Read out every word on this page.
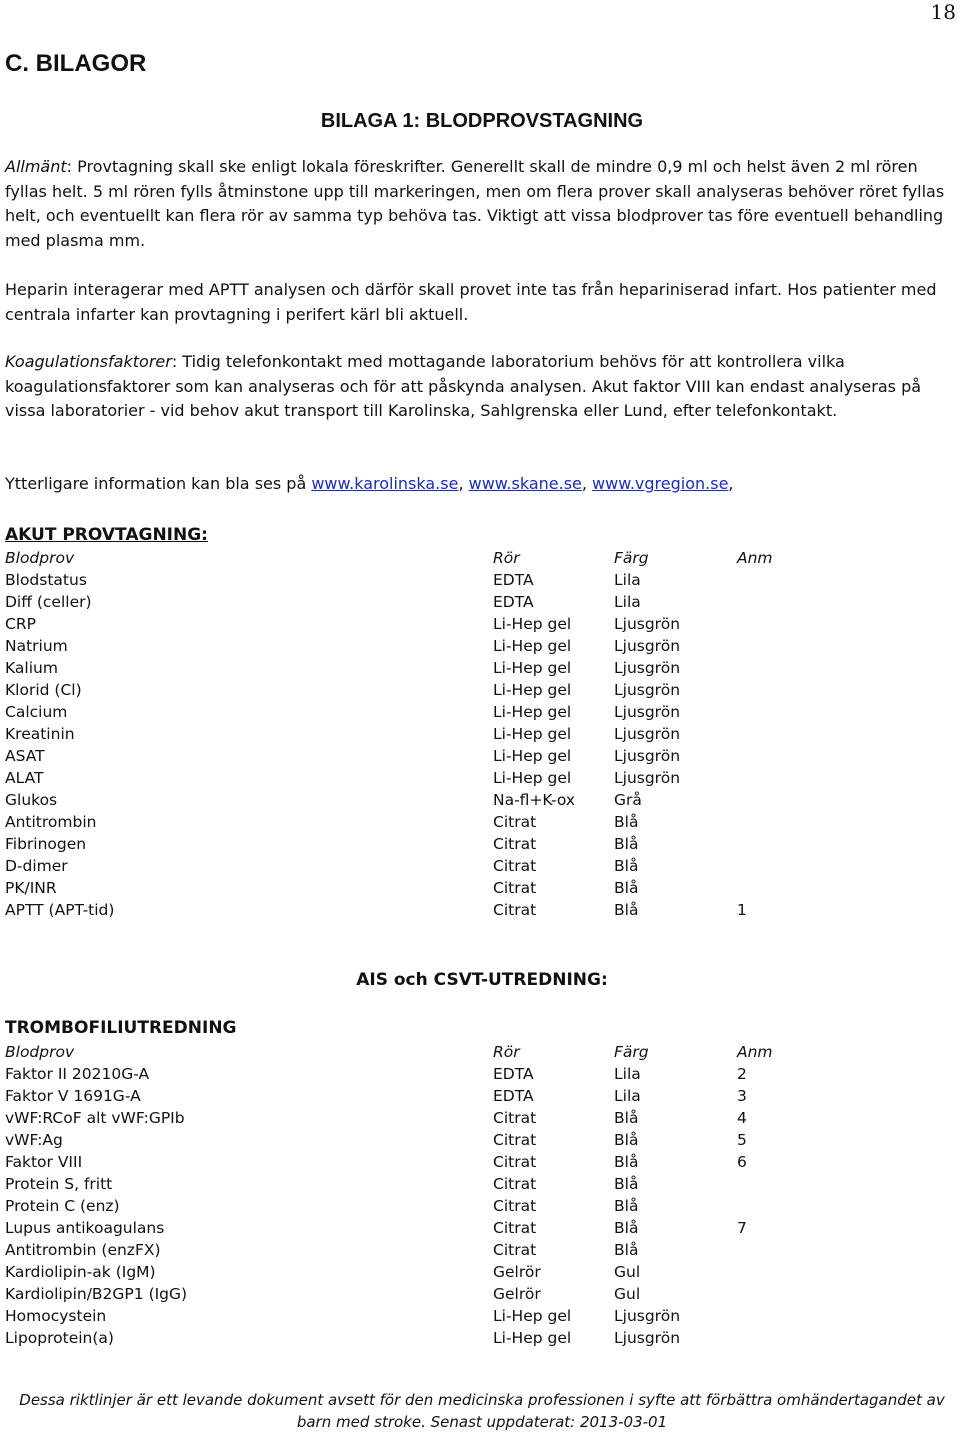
18
C. BILAGOR
BILAGA 1: BLODPROVSTAGNING
Allmänt: Provtagning skall ske enligt lokala föreskrifter. Generellt skall de mindre 0,9 ml och helst även 2 ml rören fyllas helt. 5 ml rören fylls åtminstone upp till markeringen, men om flera prover skall analyseras behöver röret fyllas helt, och eventuellt kan flera rör av samma typ behöva tas. Viktigt att vissa blodprover tas före eventuell behandling med plasma mm.
Heparin interagerar med APTT analysen och därför skall provet inte tas från hepariniserad infart. Hos patienter med centrala infarter kan provtagning i perifert kärl bli aktuell.
Koagulationsfaktorer: Tidig telefonkontakt med mottagande laboratorium behövs för att kontrollera vilka koagulationsfaktorer som kan analyseras och för att påskynda analysen. Akut faktor VIII kan endast analyseras på vissa laboratorier - vid behov akut transport till Karolinska, Sahlgrenska eller Lund, efter telefonkontakt.
Ytterligare information kan bla ses på www.karolinska.se, www.skane.se, www.vgregion.se,
AKUT PROVTAGNING:
Blodprov	Rör	Färg	Anm
Blodstatus	EDTA	Lila
Diff (celler)	EDTA	Lila
CRP	Li-Hep gel	Ljusgrön
Natrium	Li-Hep gel	Ljusgrön
Kalium	Li-Hep gel	Ljusgrön
Klorid (Cl)	Li-Hep gel	Ljusgrön
Calcium	Li-Hep gel	Ljusgrön
Kreatinin	Li-Hep gel	Ljusgrön
ASAT	Li-Hep gel	Ljusgrön
ALAT	Li-Hep gel	Ljusgrön
Glukos	Na-fl+K-ox	Grå
Antitrombin	Citrat	Blå
Fibrinogen	Citrat	Blå
D-dimer	Citrat	Blå
PK/INR	Citrat	Blå
APTT (APT-tid)	Citrat	Blå	1
AIS och CSVT-UTREDNING:
TROMBOFILIUTREDNING
Blodprov	Rör	Färg	Anm
Faktor II 20210G-A	EDTA	Lila	2
Faktor V 1691G-A	EDTA	Lila	3
vWF:RCoF alt vWF:GPIb	Citrat	Blå	4
vWF:Ag	Citrat	Blå	5
Faktor VIII	Citrat	Blå	6
Protein S, fritt	Citrat	Blå
Protein C (enz)	Citrat	Blå
Lupus antikoagulans	Citrat	Blå	7
Antitrombin (enzFX)	Citrat	Blå
Kardiolipin-ak (IgM)	Gelrör	Gul
Kardiolipin/B2GP1 (IgG)	Gelrör	Gul
Homocystein	Li-Hep gel	Ljusgrön
Lipoprotein(a)	Li-Hep gel	Ljusgrön
Dessa riktlinjer är ett levande dokument avsett för den medicinska professionen i syfte att förbättra omhändertagandet av
barn med stroke. Senast uppdaterat: 2013-03-01
